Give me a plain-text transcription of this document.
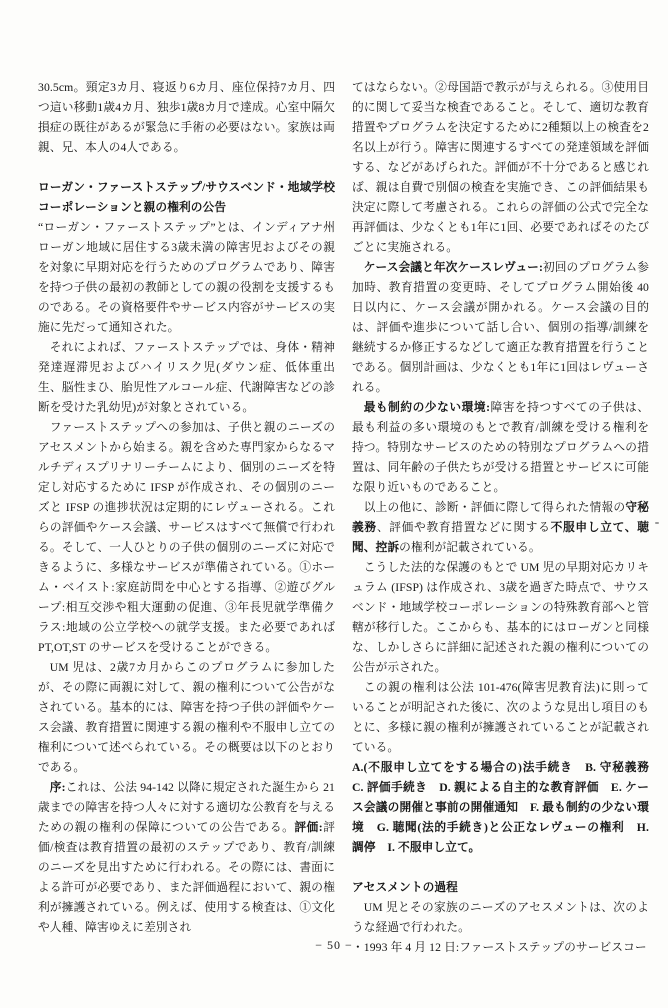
30.5cm。頸定3カ月、寝返り6カ月、座位保持7カ月、四つ這い移動1歳4カ月、独歩1歳8カ月で達成。心室中隔欠損症の既往があるが緊急に手術の必要はない。家族は両親、兄、本人の4人である。

ローガン・ファーストステップ/サウスベンド・地域学校コーポレーションと親の権利の公告

“ローガン・ファーストステップ”とは、インディアナ州ローガン地域に居住する3歳未満の障害児およびその親を対象に早期対応を行うためのプログラムであり、障害を持つ子供の最初の教師としての親の役割を支援するものである。その資格要件やサービス内容がサービスの実施に先だって通知された。

それによれば、ファーストステップでは、身体・精神発達遅滞児およびハイリスク児(ダウン症、低体重出生、脳性まひ、胎児性アルコール症、代謝障害などの診断を受けた乳幼児)が対象とされている。

ファーストステップへの参加は、子供と親のニーズのアセスメントから始まる。親を含めた専門家からなるマルチディスプリナリーチームにより、個別のニーズを特定し対応するために IFSP が作成され、その個別のニーズと IFSP の進捗状況は定期的にレヴューされる。これらの評価やケース会議、サービスはすべて無償で行われる。そして、一人ひとりの子供の個別のニーズに対応できるように、多様なサービスが準備されている。①ホーム・ベイスト:家庭訪問を中心とする指導、②遊びグループ:相互交渉や粗大運動の促進、③年長児就学準備クラス:地域の公立学校への就学支援。また必要であれば PT,OT,ST のサービスを受けることができる。

UM 児は、2歳7カ月からこのプログラムに参加したが、その際に両親に対して、親の権利について公告がなされている。基本的には、障害を持つ子供の評価やケース会議、教育措置に関連する親の権利や不服申し立ての権利について述べられている。その概要は以下のとおりである。

序:これは、公法 94-142 以降に規定された誕生から 21 歳までの障害を持つ人々に対する適切な公教育を与えるための親の権利の保障についての公告である。評価:評価/検査は教育措置の最初のステップであり、教育/訓練のニーズを見出すために行われる。その際には、書面による許可が必要であり、また評価過程において、親の権利が擁護されている。例えば、使用する検査は、①文化や人種、障害ゆえに差別され

てはならない。②母国語で教示が与えられる。③使用目的に関して妥当な検査であること。そして、適切な教育措置やプログラムを決定するために2種類以上の検査を2名以上が行う。障害に関連するすべての発達領域を評価する、などがあげられた。評価が不十分であると感じれば、親は自費で別個の検査を実施でき、この評価結果も決定に際して考慮される。これらの評価の公式で完全な再評価は、少なくとも1年に1回、必要であればそのたびごとに実施される。

ケース会議と年次ケースレヴュー:初回のプログラム参加時、教育措置の変更時、そしてプログラム開始後 40 日以内に、ケース会議が開かれる。ケース会議の目的は、評価や進歩について話し合い、個別の指導/訓練を継続するか修正するなどして適正な教育措置を行うことである。個別計画は、少なくとも1年に1回はレヴューされる。

最も制約の少ない環境:障害を持つすべての子供は、最も利益の多い環境のもとで教育/訓練を受ける権利を持つ。特別なサービスのための特別なプログラムへの措置は、同年齢の子供たちが受ける措置とサービスに可能な限り近いものであること。

以上の他に、診断・評価に際して得られた情報の守秘義務、評価や教育措置などに関する不服申し立て、聴聞、控訴の権利が記載されている。

こうした法的な保護のもとで UM 児の早期対応カリキュラム (IFSP) は作成され、3歳を過ぎた時点で、サウスベンド・地域学校コーポレーションの特殊教育部へと管轄が移行した。ここからも、基本的にはローガンと同様な、しかしさらに詳細に記述された親の権利についての公告が示された。

この親の権利は公法 101-476(障害児教育法)に則っていることが明記された後に、次のような見出し項目のもとに、多様に親の権利が擁護されていることが記載されている。

A.(不服申し立てをする場合の)法手続き　B. 守秘義務　C. 評価手続き　D. 親による自主的な教育評価　E. ケース会議の開催と事前の開催通知　F. 最も制約の少ない環境　G. 聴聞(法的手続き)と公正なレヴューの権利　H. 調停　I. 不服申し立て。

アセスメントの過程

UM 児とその家族のニーズのアセスメントは、次のような経過で行われた。

・1993 年 4 月 12 日:ファーストステップのサービスコー

− 50 −
